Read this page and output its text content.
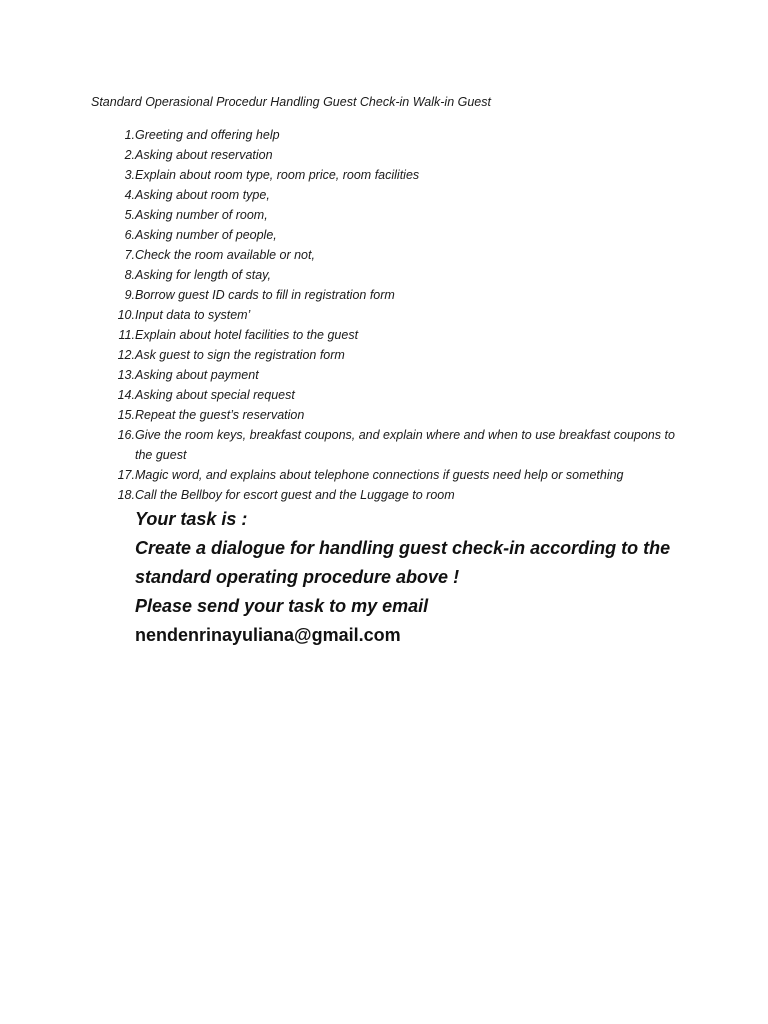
Standard Operasional Procedur Handling Guest Check-in Walk-in Guest
1. Greeting and offering help
2. Asking about reservation
3. Explain about room type, room price, room facilities
4. Asking about room type,
5. Asking number of room,
6. Asking number of people,
7. Check the room available or not,
8. Asking for length of stay,
9. Borrow guest ID cards to fill in registration form
10. Input data to system’
11. Explain about hotel facilities to the guest
12. Ask guest to sign the registration form
13. Asking about payment
14. Asking about special request
15. Repeat the guest’s reservation
16. Give the room keys, breakfast coupons, and explain where and when to use breakfast coupons to the guest
17. Magic word, and explains about telephone connections if guests need help or something
18. Call the Bellboy for escort guest and the Luggage to room
Your task is :
Create a dialogue for handling guest check-in according to the standard operating procedure above !
Please send your task to my email
nendenrinayuliana@gmail.com
